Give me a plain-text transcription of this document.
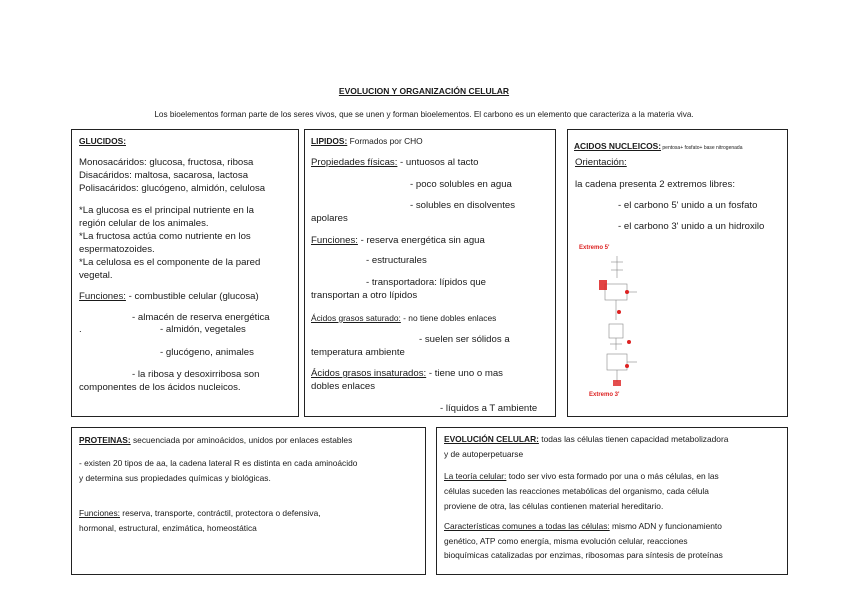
EVOLUCION Y ORGANIZACIÓN CELULAR
Los bioelementos forman parte de los seres vivos, que se unen y forman bioelementos. El carbono es un elemento que caracteriza a la materia viva.
GLUCIDOS:
Monosacáridos: glucosa, fructosa, ribosa
Disacáridos: maltosa, sacarosa, lactosa
Polisacáridos: glucógeno, almidón, celulosa
*La glucosa es el principal nutriente en la
región celular de los animales.
*La fructosa actúa como nutriente en los
espermatozoides.
*La celulosa es el componente de la pared
vegetal.
Funciones: - combustible celular (glucosa)
- almacén de reserva energética
.	- almidón, vegetales
- glucógeno, animales
- la ribosa y desoxirribosa son
componentes de los ácidos nucleicos.
LIPIDOS: Formados por CHO
Propiedades físicas: - untuosos al tacto
- poco solubles en agua
- solubles en disolventes
apolares
Funciones: - reserva energética sin agua
- estructurales
- transportadora: lípidos que
transportan a otro lípidos
Ácidos grasos saturado: - no tiene dobles enlaces
- suelen ser sólidos a
temperatura ambiente
Ácidos grasos insaturados: - tiene uno o mas
dobles enlaces
- líquidos a T ambiente
ACIDOS NUCLEICOS: pentosa+ fosfato+ base nitrogenada
Orientación:
la cadena presenta 2 extremos libres:
- el carbono 5' unido a un fosfato
- el carbono 3' unido a un hidroxilo
Extremo 5'
Extremo 3'
PROTEINAS: secuenciada por aminoácidos, unidos por enlaces estables
- existen 20 tipos de aa, la cadena lateral R es distinta en cada aminoácido
y determina sus propiedades químicas y biológicas.
Funciones: reserva, transporte, contráctil, protectora o defensiva,
hormonal, estructural, enzimática, homeostática
EVOLUCIÓN CELULAR: todas las células tienen capacidad metabolizadora
y de autoperpetuarse
La teoría celular: todo ser vivo esta formado por una o más células, en las
células suceden las reacciones metabólicas del organismo, cada célula
proviene de otra, las células contienen material hereditario.
Características comunes a todas las células: mismo ADN y funcionamiento
genético, ATP como energía, misma evolución celular, reacciones
bioquímicas catalizadas por enzimas, ribosomas para síntesis de proteínas
